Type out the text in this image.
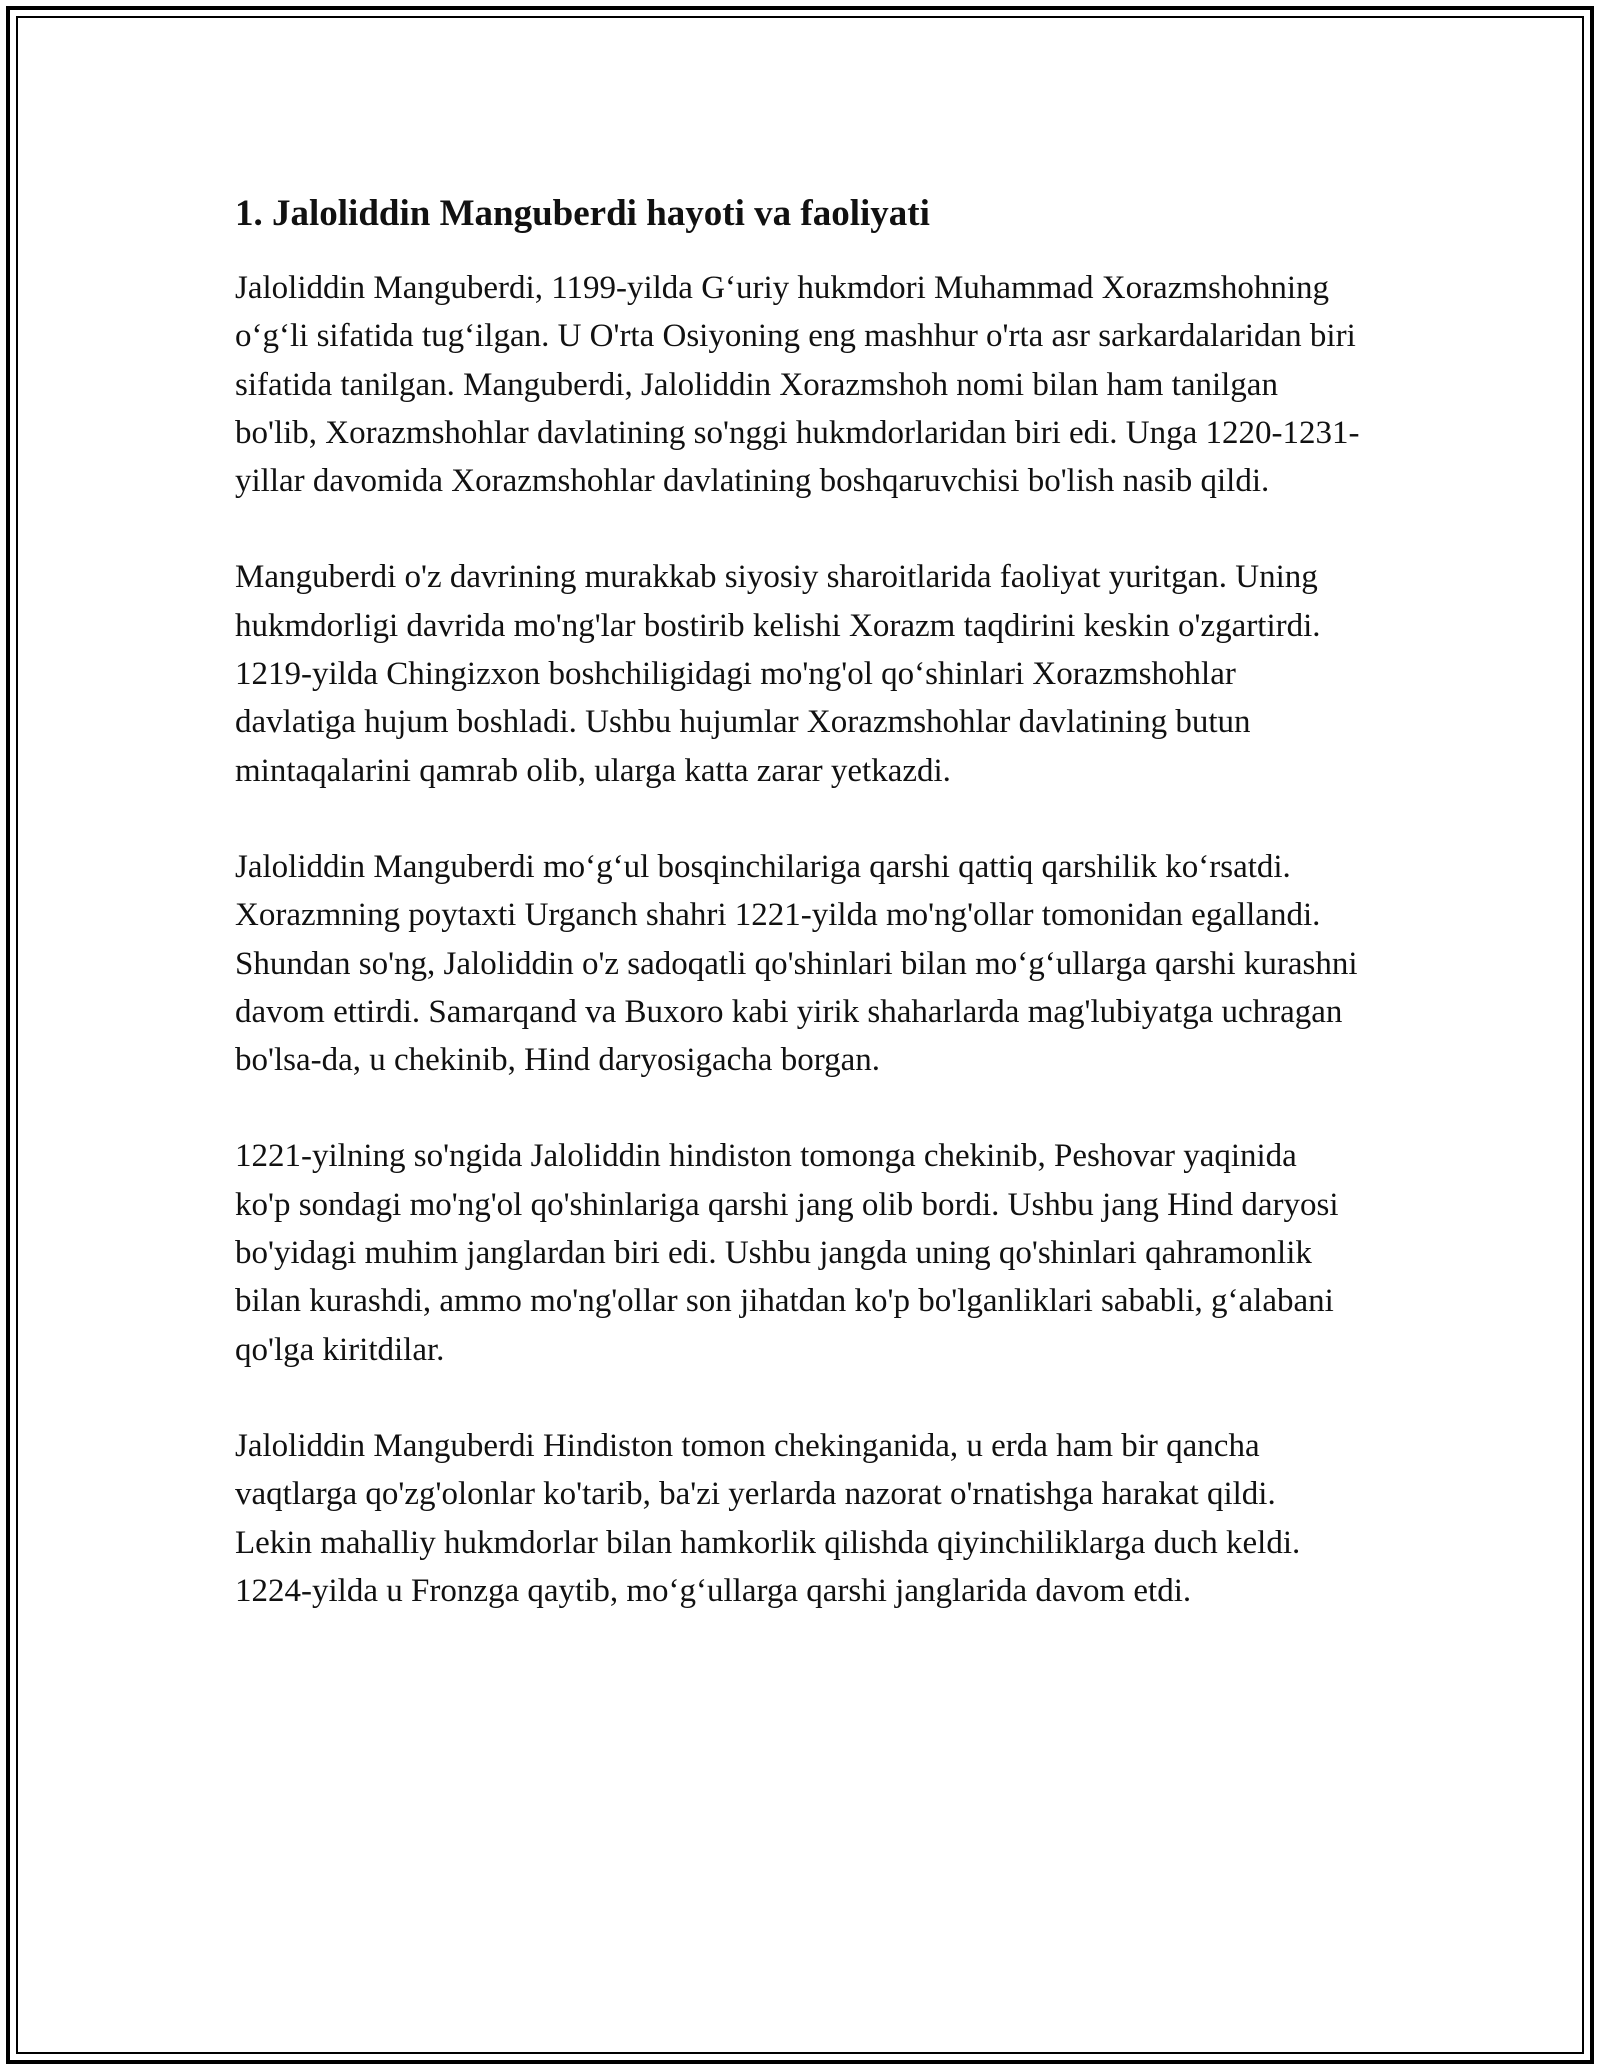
1. Jaloliddin Manguberdi hayoti va faoliyati

Jaloliddin Manguberdi, 1199-yilda G‘uriy hukmdori Muhammad Xorazmshohning o‘g‘li sifatida tug‘ilgan. U O'rta Osiyoning eng mashhur o'rta asr sarkardalaridan biri sifatida tanilgan. Manguberdi, Jaloliddin Xorazmshoh nomi bilan ham tanilgan bo'lib, Xorazmshohlar davlatining so'nggi hukmdorlaridan biri edi. Unga 1220-1231-yillar davomida Xorazmshohlar davlatining boshqaruvchisi bo'lish nasib qildi.

Manguberdi o'z davrining murakkab siyosiy sharoitlarida faoliyat yuritgan. Uning hukmdorligi davrida mo'ng'lar bostirib kelishi Xorazm taqdirini keskin o'zgartirdi. 1219-yilda Chingizxon boshchiligidagi mo'ng'ol qo‘shinlari Xorazmshohlar davlatiga hujum boshladi. Ushbu hujumlar Xorazmshohlar davlatining butun mintaqalarini qamrab olib, ularga katta zarar yetkazdi.

Jaloliddin Manguberdi mo‘g‘ul bosqinchilariga qarshi qattiq qarshilik ko‘rsatdi. Xorazmning poytaxti Urganch shahri 1221-yilda mo'ng'ollar tomonidan egallandi. Shundan so'ng, Jaloliddin o'z sadoqatli qo'shinlari bilan mo‘g‘ullarga qarshi kurashni davom ettirdi. Samarqand va Buxoro kabi yirik shaharlarda mag'lubiyatga uchragan bo'lsa-da, u chekinib, Hind daryosigacha borgan.

1221-yilning so'ngida Jaloliddin hindiston tomonga chekinib, Peshovar yaqinida ko'p sondagi mo'ng'ol qo'shinlariga qarshi jang olib bordi. Ushbu jang Hind daryosi bo'yidagi muhim janglardan biri edi. Ushbu jangda uning qo'shinlari qahramonlik bilan kurashdi, ammo mo'ng'ollar son jihatdan ko'p bo'lganliklari sababli, g‘alabani qo'lga kiritdilar.

Jaloliddin Manguberdi Hindiston tomon chekinganida, u erda ham bir qancha vaqtlarga qo'zg'olonlar ko'tarib, ba'zi yerlarda nazorat o'rnatishga harakat qildi. Lekin mahalliy hukmdorlar bilan hamkorlik qilishda qiyinchiliklarga duch keldi. 1224-yilda u Fronzga qaytib, mo‘g‘ullarga qarshi janglarida davom etdi.
